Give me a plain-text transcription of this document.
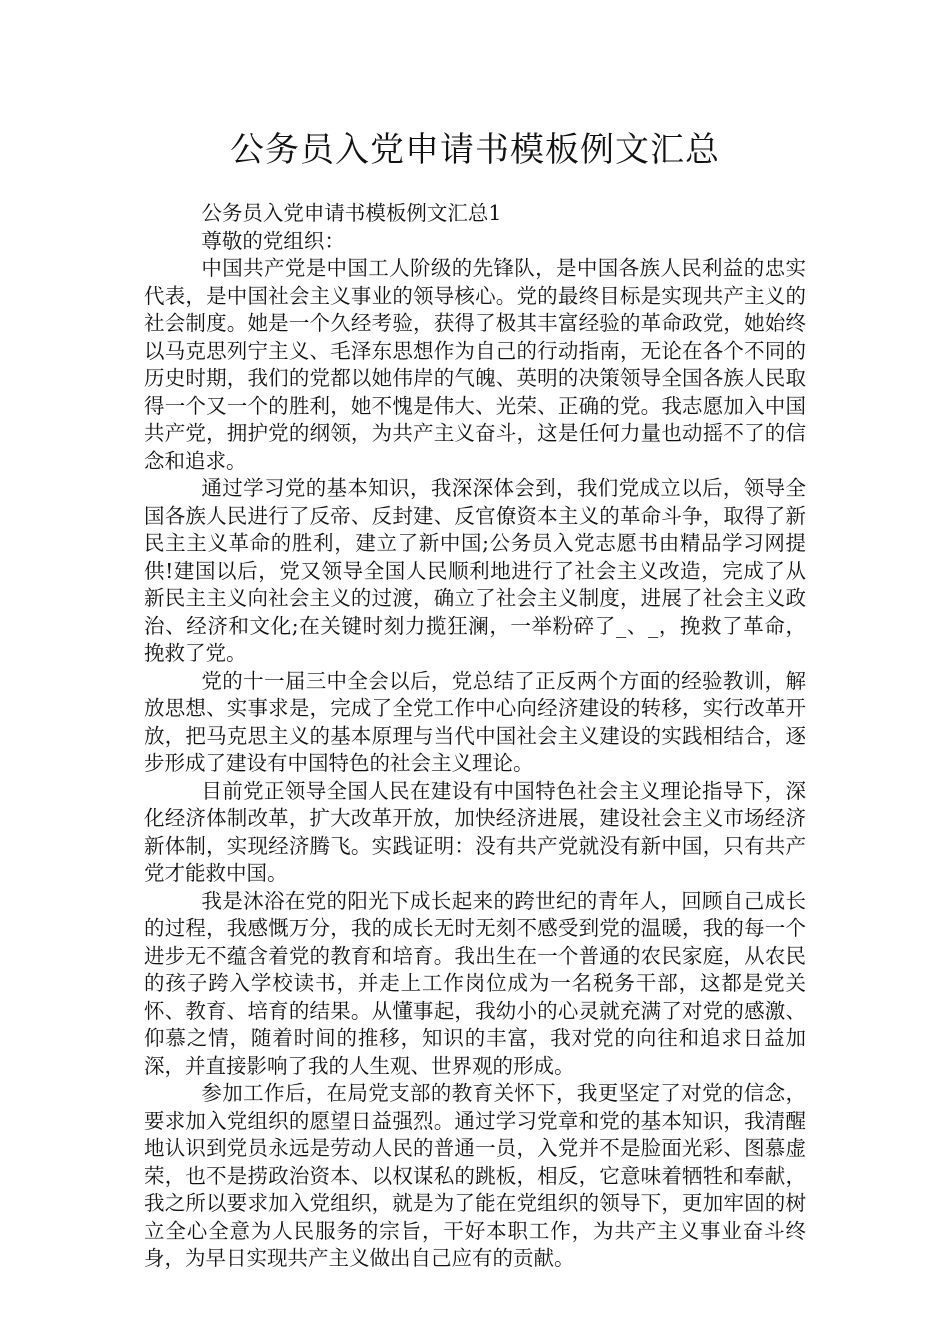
公务员入党申请书模板例文汇总

公务员入党申请书模板例文汇总1

尊敬的党组织：

中国共产党是中国工人阶级的先锋队，是中国各族人民利益的忠实代表，是中国社会主义事业的领导核心。党的最终目标是实现共产主义的社会制度。她是一个久经考验，获得了极其丰富经验的革命政党，她始终以马克思列宁主义、毛泽东思想作为自己的行动指南，无论在各个不同的历史时期，我们的党都以她伟岸的气魄、英明的决策领导全国各族人民取得一个又一个的胜利，她不愧是伟大、光荣、正确的党。我志愿加入中国共产党，拥护党的纲领，为共产主义奋斗，这是任何力量也动摇不了的信念和追求。

通过学习党的基本知识，我深深体会到，我们党成立以后，领导全国各族人民进行了反帝、反封建、反官僚资本主义的革命斗争，取得了新民主主义革命的胜利，建立了新中国;公务员入党志愿书由精品学习网提供!建国以后，党又领导全国人民顺利地进行了社会主义改造，完成了从新民主主义向社会主义的过渡，确立了社会主义制度，进展了社会主义政治、经济和文化;在关键时刻力揽狂澜，一举粉碎了_、_，挽救了革命，挽救了党。

党的十一届三中全会以后，党总结了正反两个方面的经验教训，解放思想、实事求是，完成了全党工作中心向经济建设的转移，实行改革开放，把马克思主义的基本原理与当代中国社会主义建设的实践相结合，逐步形成了建设有中国特色的社会主义理论。

目前党正领导全国人民在建设有中国特色社会主义理论指导下，深化经济体制改革，扩大改革开放，加快经济进展，建设社会主义市场经济新体制，实现经济腾飞。实践证明：没有共产党就没有新中国，只有共产党才能救中国。

我是沐浴在党的阳光下成长起来的跨世纪的青年人，回顾自己成长的过程，我感慨万分，我的成长无时无刻不感受到党的温暖，我的每一个进步无不蕴含着党的教育和培育。我出生在一个普通的农民家庭，从农民的孩子跨入学校读书，并走上工作岗位成为一名税务干部，这都是党关怀、教育、培育的结果。从懂事起，我幼小的心灵就充满了对党的感激、仰慕之情，随着时间的推移，知识的丰富，我对党的向往和追求日益加深，并直接影响了我的人生观、世界观的形成。

参加工作后，在局党支部的教育关怀下，我更坚定了对党的信念，要求加入党组织的愿望日益强烈。通过学习党章和党的基本知识，我清醒地认识到党员永远是劳动人民的普通一员，入党并不是脸面光彩、图慕虚荣，也不是捞政治资本、以权谋私的跳板，相反，它意味着牺牲和奉献，我之所以要求加入党组织，就是为了能在党组织的领导下，更加牢固的树立全心全意为人民服务的宗旨，干好本职工作，为共产主义事业奋斗终身，为早日实现共产主义做出自己应有的贡献。
